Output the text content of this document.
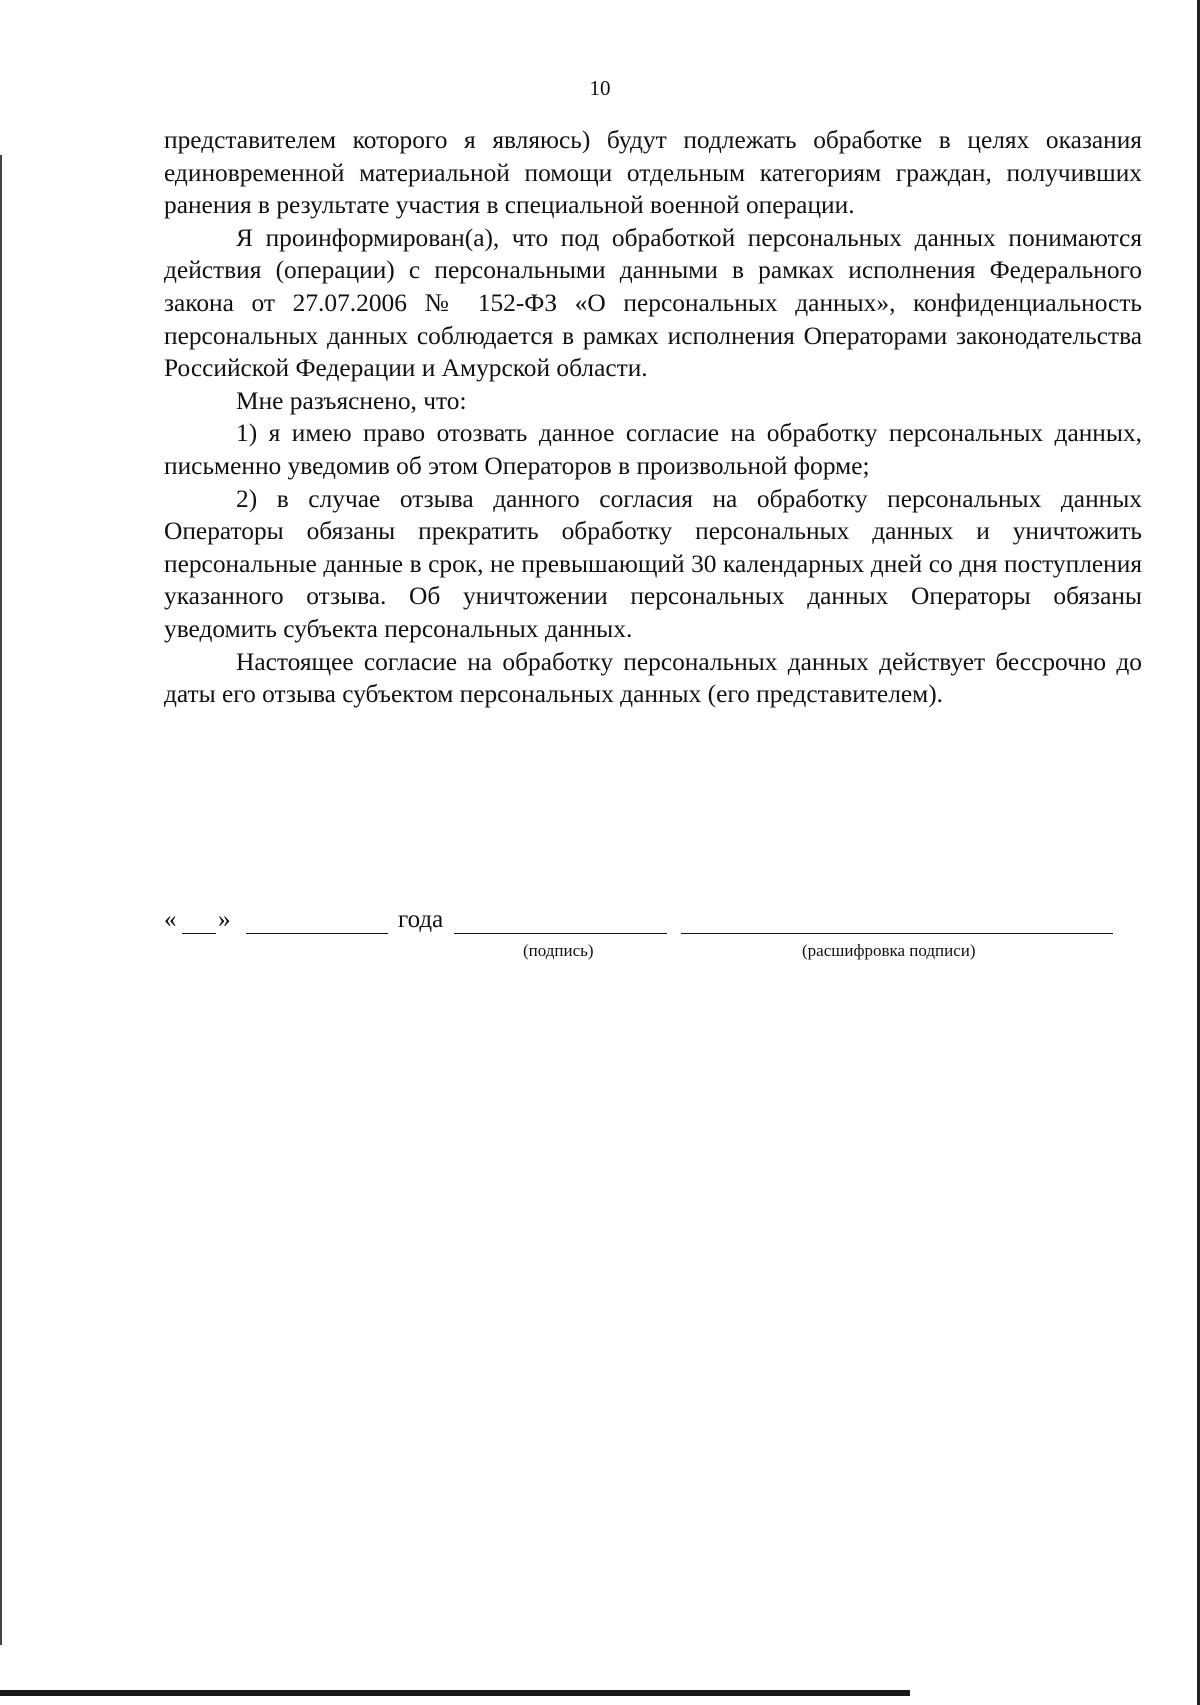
10

представителем которого я являюсь) будут подлежать обработке в целях оказания единовременной материальной помощи отдельным категориям граждан, получивших ранения в результате участия в специальной военной операции.

Я проинформирован(а), что под обработкой персональных данных понимаются действия (операции) с персональными данными в рамках исполнения Федерального закона от 27.07.2006 № 152-ФЗ «О персональных данных», конфиденциальность персональных данных соблюдается в рамках исполнения Операторами законодательства Российской Федерации и Амурской области.

Мне разъяснено, что:

1) я имею право отозвать данное согласие на обработку персональных данных, письменно уведомив об этом Операторов в произвольной форме;

2) в случае отзыва данного согласия на обработку персональных данных Операторы обязаны прекратить обработку персональных данных и уничтожить персональные данные в срок, не превышающий 30 календарных дней со дня поступления указанного отзыва. Об уничтожении персональных данных Операторы обязаны уведомить субъекта персональных данных.

Настоящее согласие на обработку персональных данных действует бессрочно до даты его отзыва субъектом персональных данных (его представителем).

« »	года
(подпись)	(расшифровка подписи)
